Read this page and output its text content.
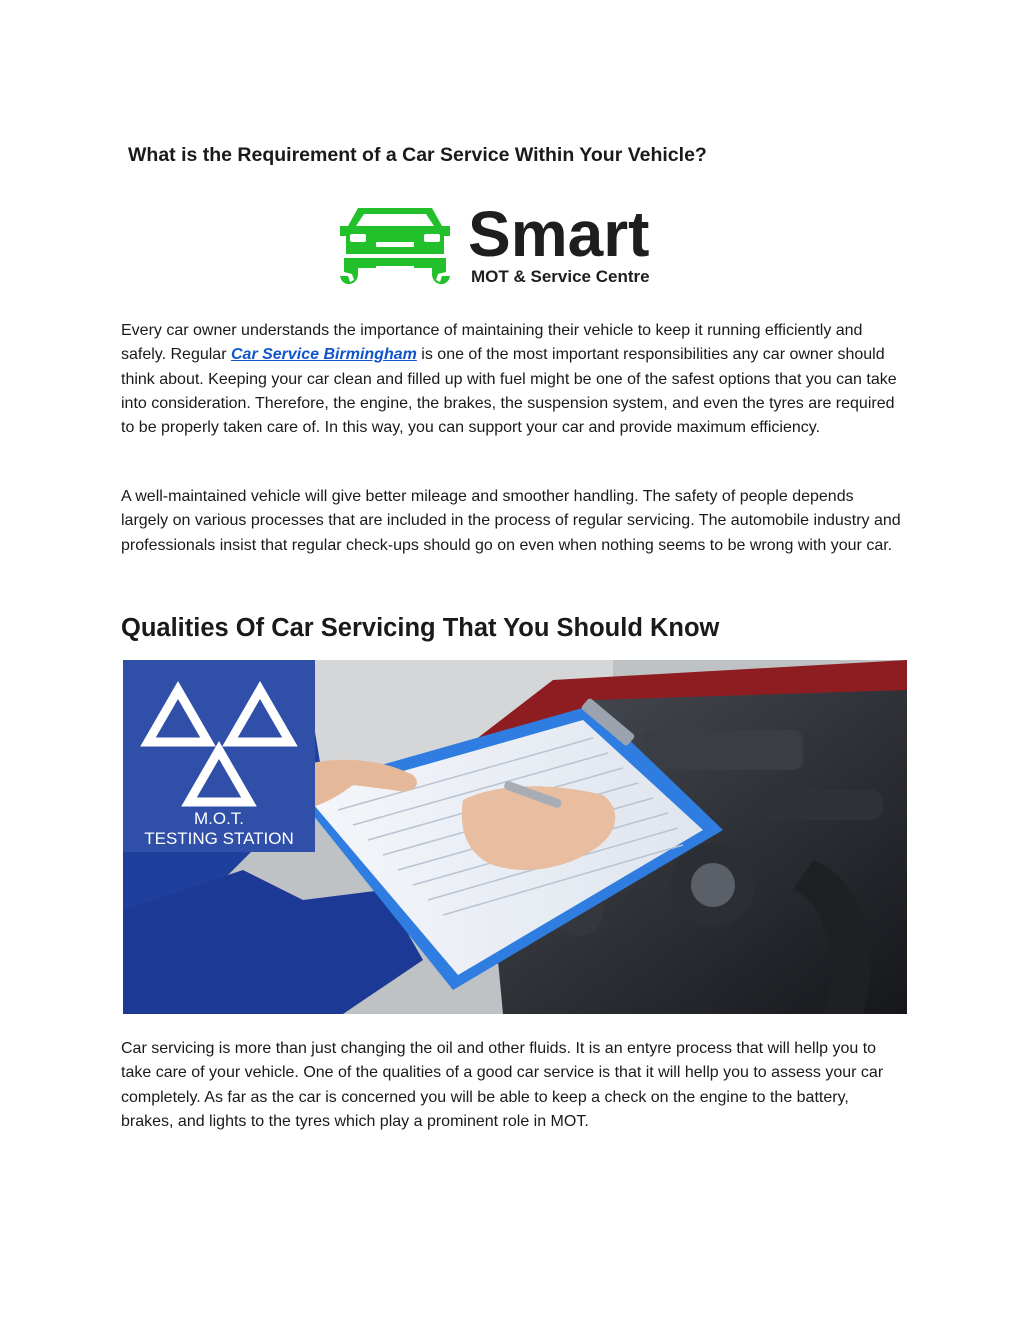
What is the Requirement of a Car Service Within Your Vehicle?
Smart
MOT & Service Centre

Every car owner understands the importance of maintaining their vehicle to keep it running efficiently and safely. Regular Car Service Birmingham is one of the most important responsibilities any car owner should think about. Keeping your car clean and filled up with fuel might be one of the safest options that you can take into consideration. Therefore, the engine, the brakes, the suspension system, and even the tyres are required to be properly taken care of. In this way, you can support your car and provide maximum efficiency.

A well-maintained vehicle will give better mileage and smoother handling. The safety of people depends largely on various processes that are included in the process of regular servicing. The automobile industry and professionals insist that regular check-ups should go on even when nothing seems to be wrong with your car.

Qualities Of Car Servicing That You Should Know
M.O.T.
TESTING STATION

Car servicing is more than just changing the oil and other fluids. It is an entyre process that will hellp you to take care of your vehicle. One of the qualities of a good car service is that it will hellp you to assess your car completely. As far as the car is concerned you will be able to keep a check on the engine to the battery, brakes, and lights to the tyres which play a prominent role in MOT.
